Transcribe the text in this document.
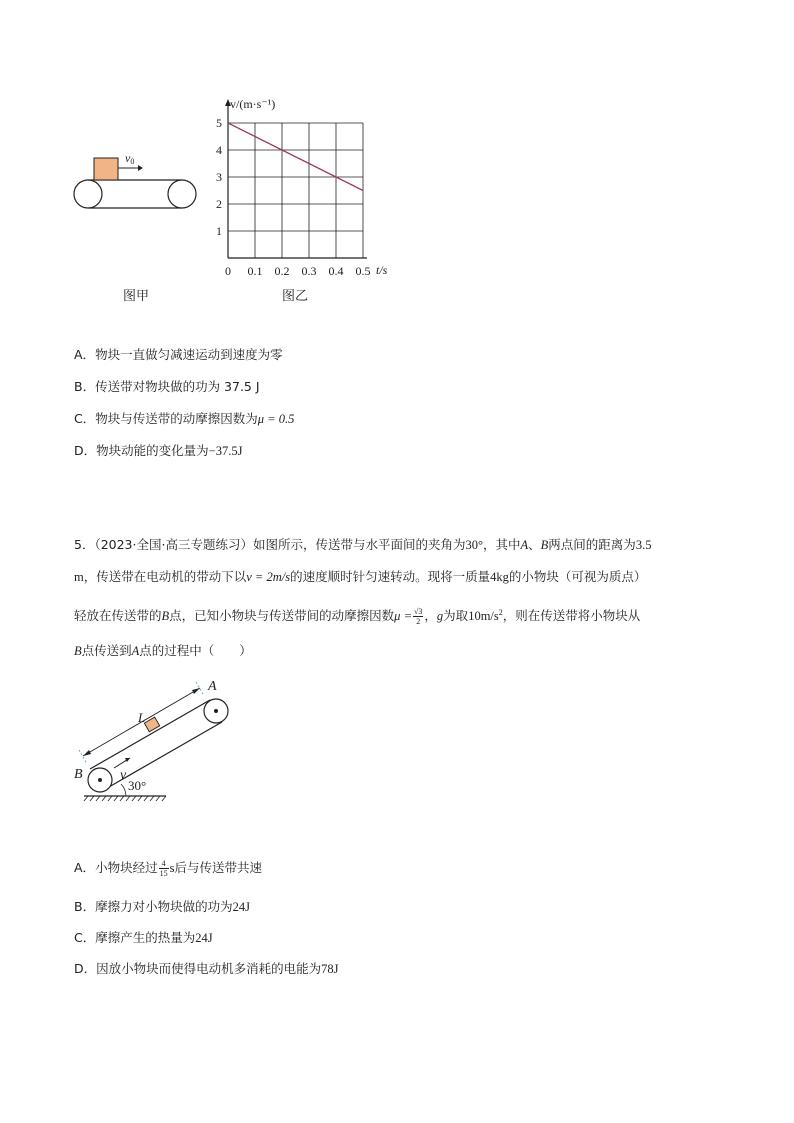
v0
图甲
0 0.1 0.2 0.3 0.4 0.5
1
2
3
4
5
v/(m·s⁻¹)
t/s
图乙
A．物块一直做匀减速运动到速度为零
B．传送带对物块做的功为 37.5 J
C．物块与传送带的动摩擦因数为μ = 0.5
D．物块动能的变化量为−37.5J
5．（2023·全国·高三专题练习）如图所示，传送带与水平面间的夹角为30°，其中A、B两点间的距离为3.5
m，传送带在电动机的带动下以v = 2m/s的速度顺时针匀速转动。现将一质量4kg的小物块（可视为质点）
轻放在传送带的B点，已知小物块与传送带间的动摩擦因数$\mu = \frac{√3}{2}$ ，g为取$10m/s^2$，则在传送带将小物块从
B点传送到A点的过程中（　　）
30°
L
v
B
A
A．小物块经过 $\frac{4}{15}$ s后与传送带共速
B．摩擦力对小物块做的功为24J
C．摩擦产生的热量为24J
D．因放小物块而使得电动机多消耗的电能为78J
